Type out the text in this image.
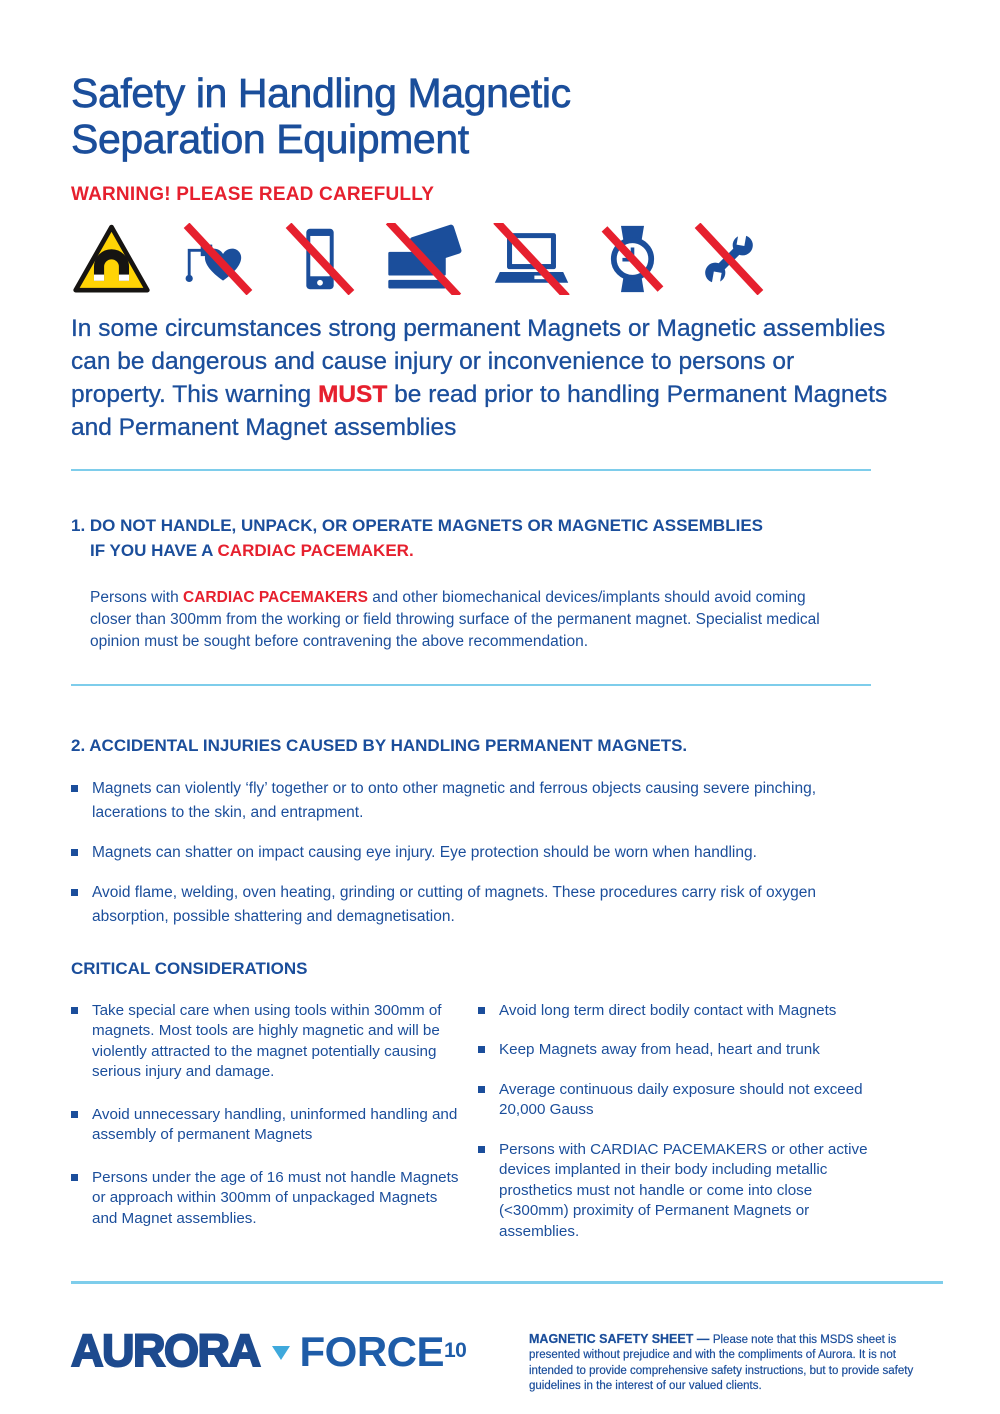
Safety in Handling Magnetic Separation Equipment
WARNING! PLEASE READ CAREFULLY

In some circumstances strong permanent Magnets or Magnetic assemblies can be dangerous and cause injury or inconvenience to persons or property. This warning MUST be read prior to handling Permanent Magnets and Permanent Magnet assemblies

1. DO NOT HANDLE, UNPACK, OR OPERATE MAGNETS OR MAGNETIC ASSEMBLIES
IF YOU HAVE A CARDIAC PACEMAKER.

Persons with CARDIAC PACEMAKERS and other biomechanical devices/implants should avoid coming closer than 300mm from the working or field throwing surface of the permanent magnet. Specialist medical opinion must be sought before contravening the above recommendation.

2. ACCIDENTAL INJURIES CAUSED BY HANDLING PERMANENT MAGNETS.
Magnets can violently ‘fly’ together or to onto other magnetic and ferrous objects causing severe pinching, lacerations to the skin, and entrapment.
Magnets can shatter on impact causing eye injury. Eye protection should be worn when handling.
Avoid flame, welding, oven heating, grinding or cutting of magnets. These procedures carry risk of oxygen absorption, possible shattering and demagnetisation.
CRITICAL CONSIDERATIONS
Take special care when using tools within 300mm of magnets. Most tools are highly magnetic and will be violently attracted to the magnet potentially causing serious injury and damage.
Avoid unnecessary handling, uninformed handling and assembly of permanent Magnets
Persons under the age of 16 must not handle Magnets or approach within 300mm of unpackaged Magnets and Magnet assemblies.
Avoid long term direct bodily contact with Magnets
Keep Magnets away from head, heart and trunk
Average continuous daily exposure should not exceed 20,000 Gauss
Persons with CARDIAC PACEMAKERS or other active devices implanted in their body including metallic prosthetics must not handle or come into close (<300mm) proximity of Permanent Magnets or assemblies.
AURORA FORCE$^{10}$	MAGNETIC SAFETY SHEET — Please note that this MSDS sheet is presented without prejudice and with the compliments of Aurora. It is not intended to provide comprehensive safety instructions, but to provide safety guidelines in the interest of our valued clients.
